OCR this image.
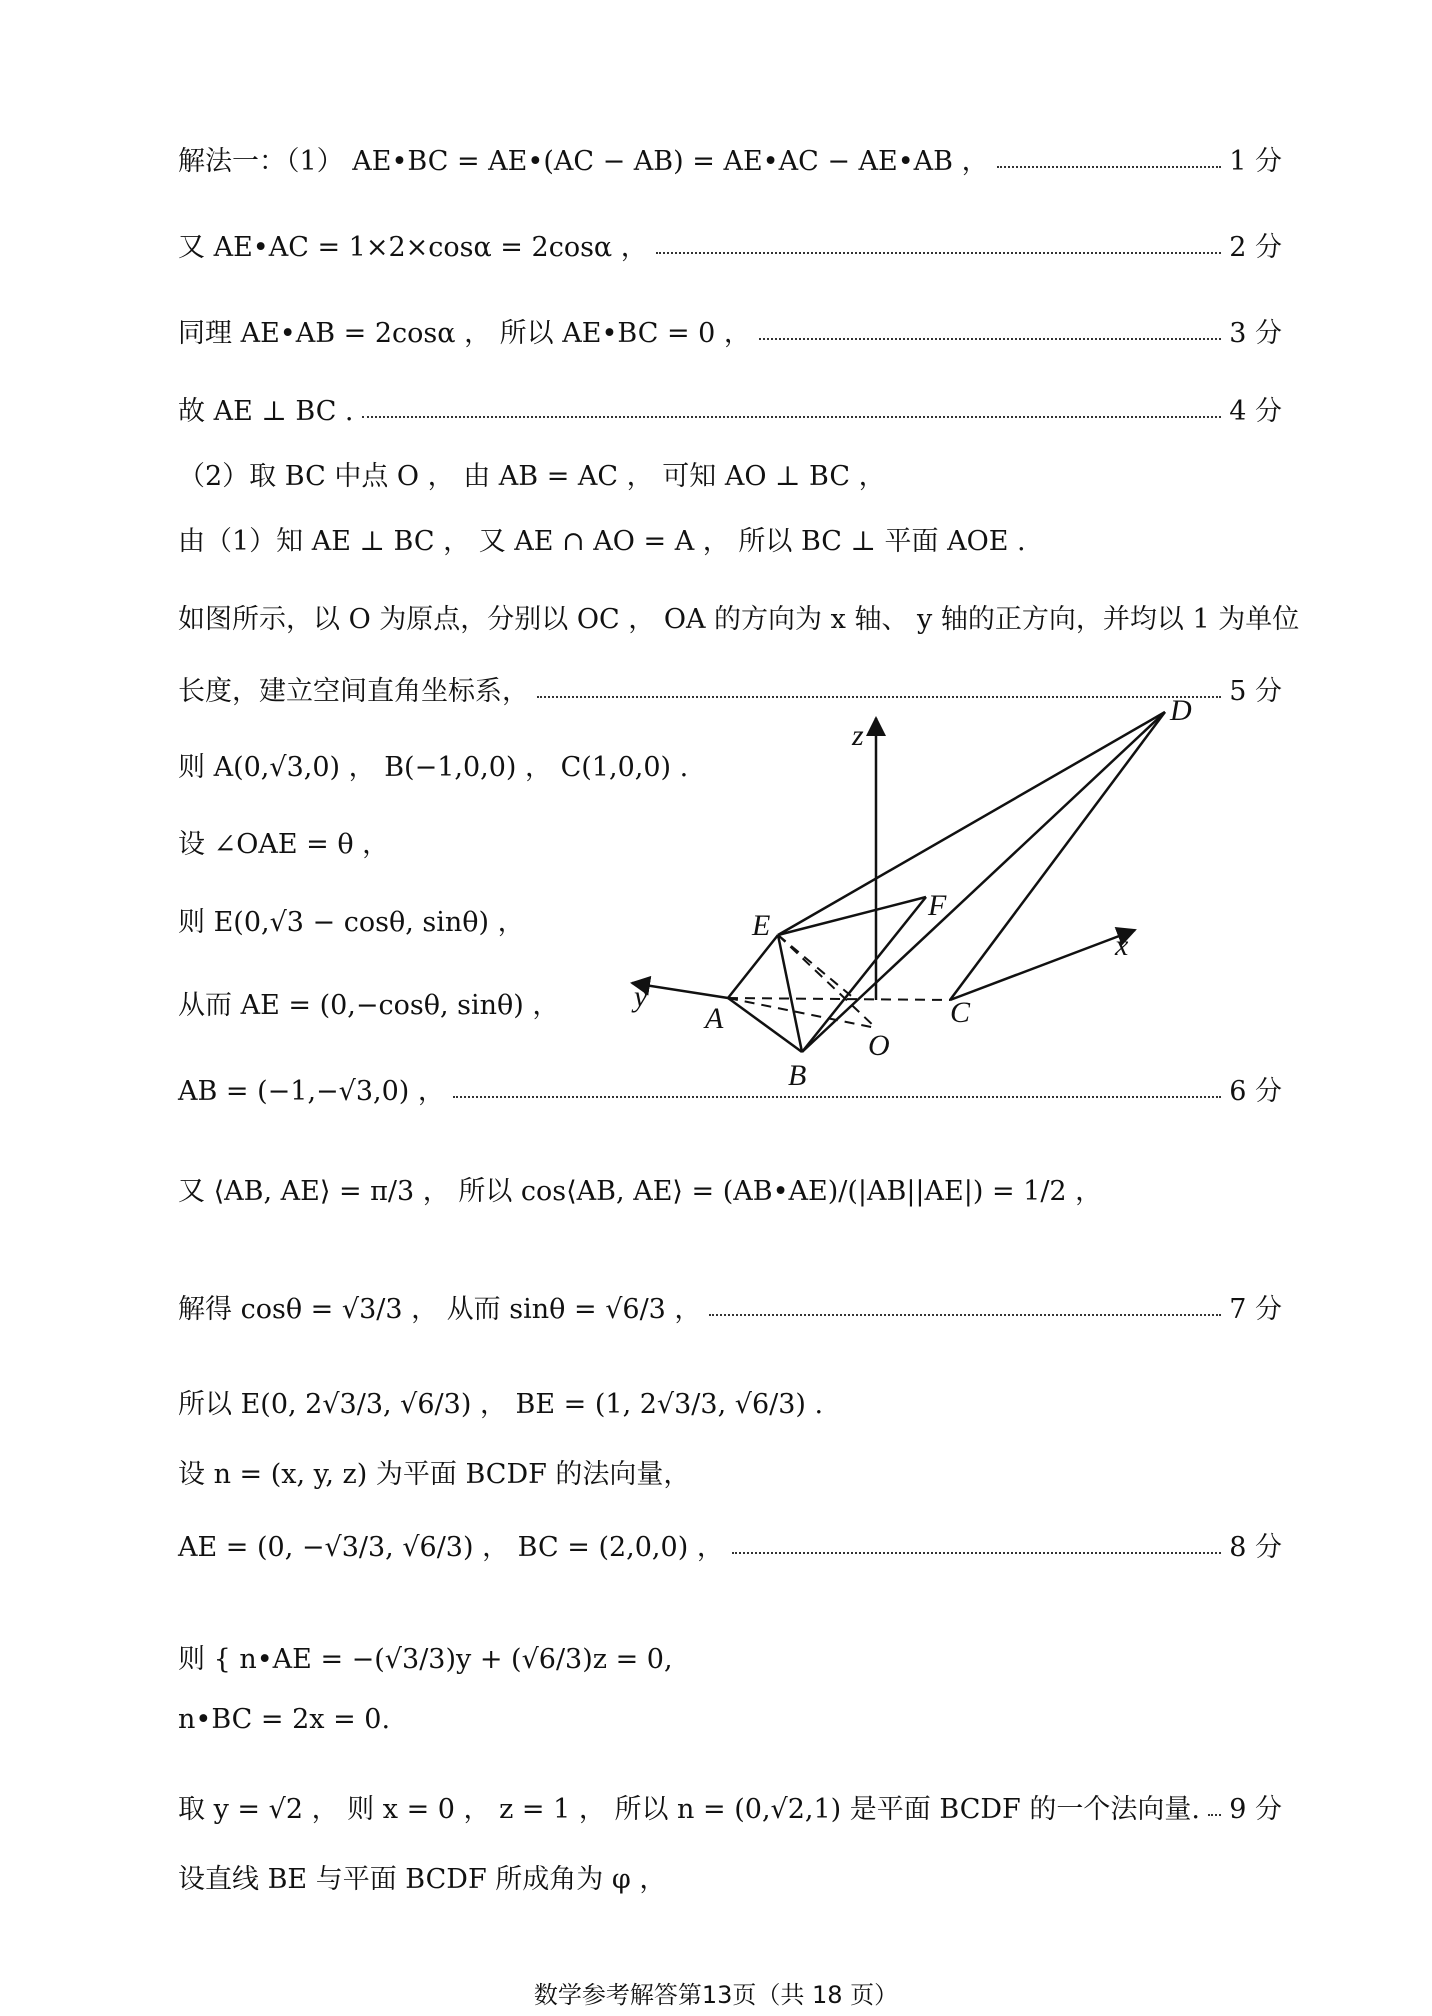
解法一：（1） AE•BC = AE•(AC − AB) = AE•AC − AE•AB ，	1 分
又 AE•AC = 1×2×cosα = 2cosα ，	2 分
同理 AE•AB = 2cosα ， 所以 AE•BC = 0 ，	3 分
故 AE ⊥ BC .	4 分
（2）取 BC 中点 O ， 由 AB = AC ， 可知 AO ⊥ BC ，
由（1）知 AE ⊥ BC ， 又 AE ∩ AO = A ， 所以 BC ⊥ 平面 AOE .
如图所示，以 O 为原点，分别以 OC ， OA 的方向为 x 轴、 y 轴的正方向，并均以 1 为单位
长度，建立空间直角坐标系，	5 分
则 A(0,√3,0) ， B(−1,0,0) ， C(1,0,0) .
设 ∠OAE = θ ，
则 E(0,√3 − cosθ, sinθ) ，
从而 AE = (0,−cosθ, sinθ) ，
AB = (−1,−√3,0) ，	6 分
又 ⟨AB, AE⟩ = π/3 ， 所以 cos⟨AB, AE⟩ = (AB•AE)/(|AB||AE|) = 1/2 ，
解得 cosθ = √3/3 ， 从而 sinθ = √6/3 ，	7 分
所以 E(0, 2√3/3, √6/3) ， BE = (1, 2√3/3, √6/3) .
设 n = (x, y, z) 为平面 BCDF 的法向量，
AE = (0, −√3/3, √6/3) ， BC = (2,0,0) ，	8 分
则 { n•AE = −(√3/3)y + (√6/3)z = 0,
n•BC = 2x = 0.
取 y = √2 ， 则 x = 0 ， z = 1 ， 所以 n = (0,√2,1) 是平面 BCDF 的一个法向量. 9 分
设直线 BE 与平面 BCDF 所成角为 φ ，
z
x
y
A
B
C
D
E
F
O
数学参考解答第13页（共 18 页）
